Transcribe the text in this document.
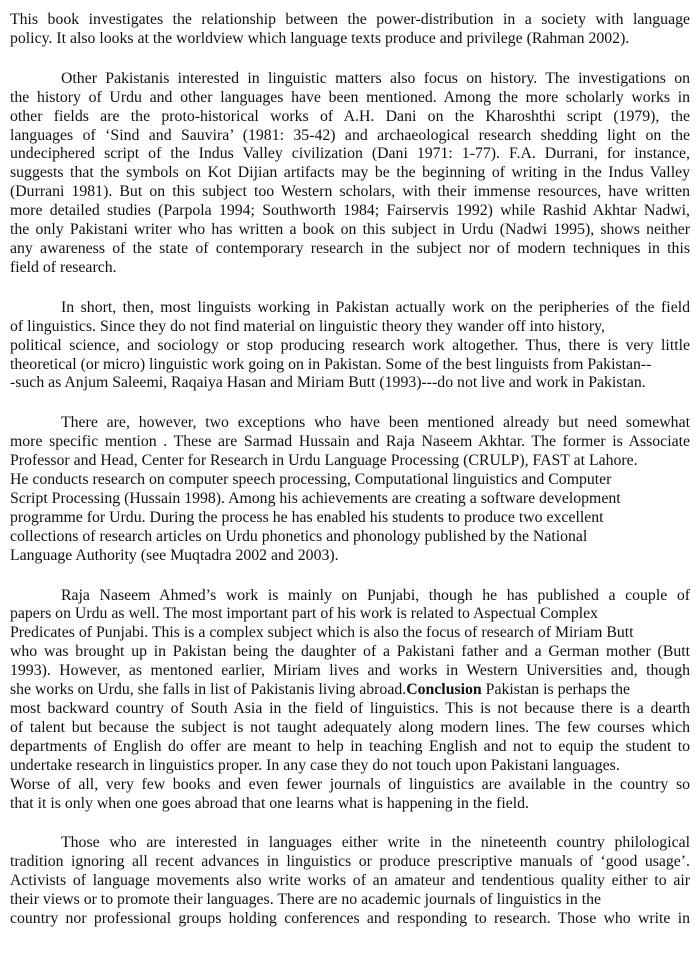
This book investigates the relationship between the power-distribution in a society with language
policy. It also looks at the worldview which language texts produce and privilege (Rahman 2002).

Other Pakistanis interested in linguistic matters also focus on history. The investigations on
the history of Urdu and other languages have been mentioned. Among the more scholarly works in
other fields are the proto-historical works of A.H. Dani on the Kharoshthi script (1979), the
languages of ‘Sind and Sauvira’ (1981: 35-42) and archaeological research shedding light on the
undeciphered script of the Indus Valley civilization (Dani 1971: 1-77). F.A. Durrani, for instance,
suggests that the symbols on Kot Dijian artifacts may be the beginning of writing in the Indus Valley
(Durrani 1981). But on this subject too Western scholars, with their immense resources, have written
more detailed studies (Parpola 1994; Southworth 1984; Fairservis 1992) while Rashid Akhtar Nadwi,
the only Pakistani writer who has written a book on this subject in Urdu (Nadwi 1995), shows neither
any awareness of the state of contemporary research in the subject nor of modern techniques in this
field of research.

In short, then, most linguists working in Pakistan actually work on the peripheries of the field
of linguistics. Since they do not find material on linguistic theory they wander off into history,
political science, and sociology or stop producing research work altogether. Thus, there is very little
theoretical (or micro) linguistic work going on in Pakistan. Some of the best linguists from Pakistan--
-such as Anjum Saleemi, Raqaiya Hasan and Miriam Butt (1993)---do not live and work in Pakistan.

There are, however, two exceptions who have been mentioned already but need somewhat
more specific mention . These are Sarmad Hussain and Raja Naseem Akhtar. The former is Associate
Professor and Head, Center for Research in Urdu Language Processing (CRULP), FAST at Lahore.
He conducts research on computer speech processing, Computational linguistics and Computer
Script Processing (Hussain 1998). Among his achievements are creating a software development
programme for Urdu. During the process he has enabled his students to produce two excellent
collections of research articles on Urdu phonetics and phonology published by the National
Language Authority (see Muqtadra 2002 and 2003).

Raja Naseem Ahmed’s work is mainly on Punjabi, though he has published a couple of
papers on Urdu as well. The most important part of his work is related to Aspectual Complex
Predicates of Punjabi. This is a complex subject which is also the focus of research of Miriam Butt
who was brought up in Pakistan being the daughter of a Pakistani father and a German mother (Butt
1993). However, as mentoned earlier, Miriam lives and works in Western Universities and, though
she works on Urdu, she falls in list of Pakistanis living abroad.Conclusion Pakistan is perhaps the
most backward country of South Asia in the field of linguistics. This is not because there is a dearth
of talent but because the subject is not taught adequately along modern lines. The few courses which
departments of English do offer are meant to help in teaching English and not to equip the student to
undertake research in linguistics proper. In any case they do not touch upon Pakistani languages.
Worse of all, very few books and even fewer journals of linguistics are available in the country so
that it is only when one goes abroad that one learns what is happening in the field.

Those who are interested in languages either write in the nineteenth country philological
tradition ignoring all recent advances in linguistics or produce prescriptive manuals of ‘good usage’.
Activists of language movements also write works of an amateur and tendentious quality either to air
their views or to promote their languages. There are no academic journals of linguistics in the
country nor professional groups holding conferences and responding to research. Those who write in
